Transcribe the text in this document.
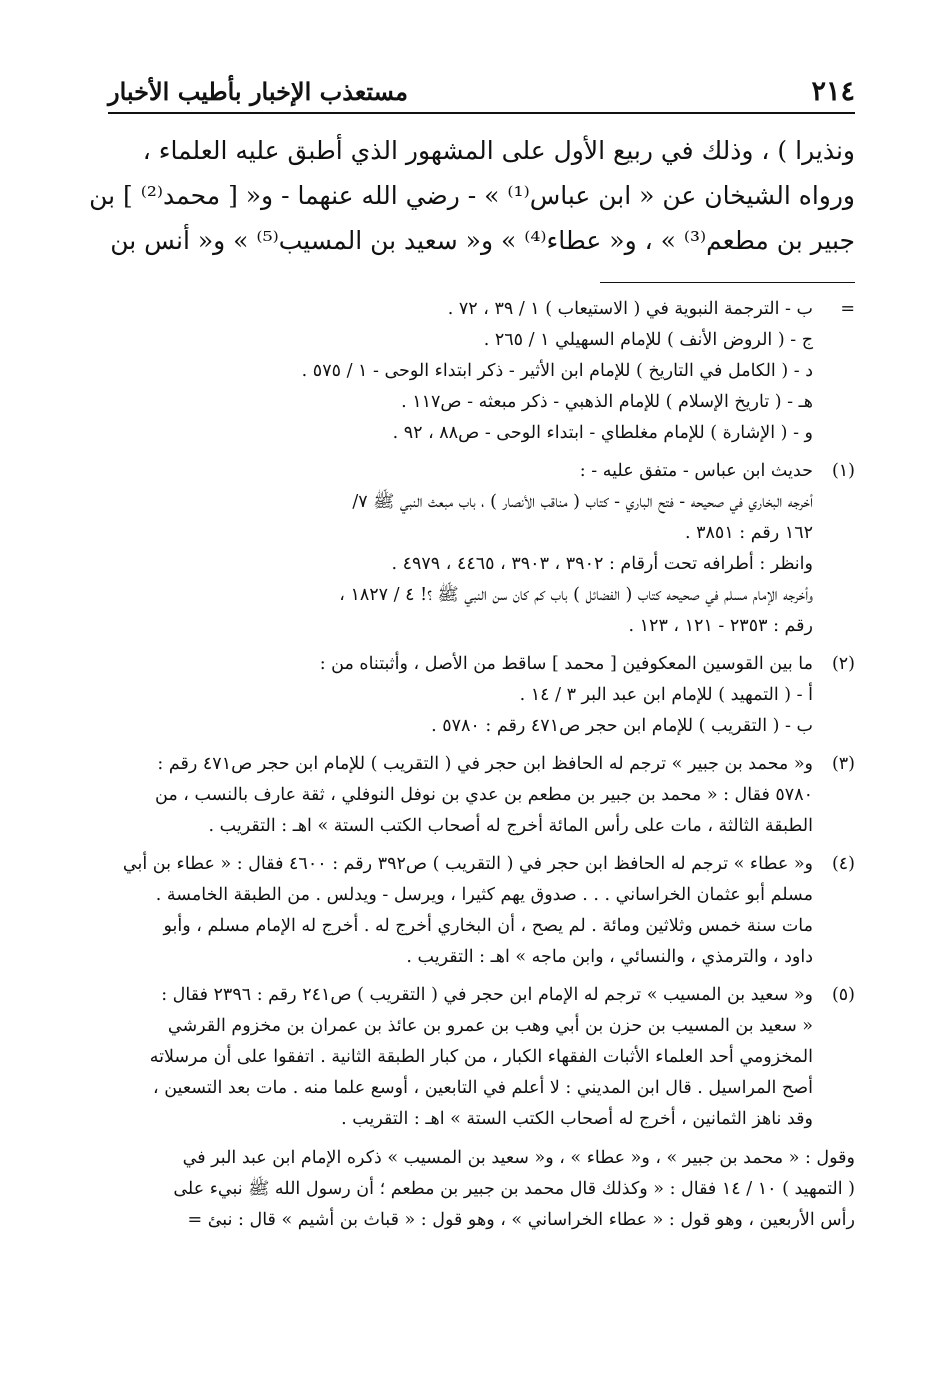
٢١٤
مستعذب الإخبار بأطيب الأخبار
ونذيرا ) ، وذلك في ربيع الأول على المشهور الذي أطبق عليه العلماء ،
ورواه الشيخان عن « ابن عباس⁽¹⁾ » - رضي الله عنهما - و« [ محمد⁽²⁾ ] بن
جبير بن مطعم⁽³⁾ » ، و« عطاء⁽⁴⁾ » و« سعيد بن المسيب⁽⁵⁾ » و« أنس بن
=
ب - الترجمة النبوية في ( الاستيعاب ) ١ / ٣٩ ، ٧٢ .
ج - ( الروض الأنف ) للإمام السهيلي ١ / ٢٦٥ .
د - ( الكامل في التاريخ ) للإمام ابن الأثير - ذكر ابتداء الوحى - ١ / ٥٧٥ .
هـ - ( تاريخ الإسلام ) للإمام الذهبي - ذكر مبعثه - ص١١٧ .
و - ( الإشارة ) للإمام مغلطاي - ابتداء الوحى - ص٨٨ ، ٩٢ .
(١)
حديث ابن عباس - متفق عليه - :
أخرجه البخاري في صحيحه - فتح الباري - كتاب ( مناقب الأنصار ) ، باب مبعث النبي ﷺ ٧/
١٦٢ رقم : ٣٨٥١ .
وانظر : أطرافه تحت أرقام : ٣٩٠٢ ، ٣٩٠٣ ، ٤٤٦٥ ، ٤٩٧٩ .
وأخرجه الإمام مسلم في صحيحه كتاب ( الفضائل ) باب كم كان سن النبي ﷺ ؟! ٤ / ١٨٢٧ ،
رقم : ٢٣٥٣ - ١٢١ ، ١٢٣ .
(٢)
ما بين القوسين المعكوفين [ محمد ] ساقط من الأصل ، وأثبتناه من :
أ - ( التمهيد ) للإمام ابن عبد البر ٣ / ١٤ .
ب - ( التقريب ) للإمام ابن حجر ص٤٧١ رقم : ٥٧٨٠ .
(٣)
و« محمد بن جبير » ترجم له الحافظ ابن حجر في ( التقريب ) للإمام ابن حجر ص٤٧١ رقم :
٥٧٨٠ فقال : « محمد بن جبير بن مطعم بن عدي بن نوفل النوفلي ، ثقة عارف بالنسب ، من
الطبقة الثالثة ، مات على رأس المائة أخرج له أصحاب الكتب الستة » اهـ : التقريب .
(٤)
و« عطاء » ترجم له الحافظ ابن حجر في ( التقريب ) ص٣٩٢ رقم : ٤٦٠٠ فقال : « عطاء بن أبي
مسلم أبو عثمان الخراساني . . . صدوق يهم كثيرا ، ويرسل - ويدلس . من الطبقة الخامسة .
مات سنة خمس وثلاثين ومائة . لم يصح ، أن البخاري أخرج له . أخرج له الإمام مسلم ، وأبو
داود ، والترمذي ، والنسائي ، وابن ماجه » اهـ : التقريب .
(٥)
و« سعيد بن المسيب » ترجم له الإمام ابن حجر في ( التقريب ) ص٢٤١ رقم : ٢٣٩٦ فقال :
« سعيد بن المسيب بن حزن بن أبي وهب بن عمرو بن عائذ بن عمران بن مخزوم القرشي
المخزومي أحد العلماء الأثبات الفقهاء الكبار ، من كبار الطبقة الثانية . اتفقوا على أن مرسلاته
أصح المراسيل . قال ابن المديني : لا أعلم في التابعين ، أوسع علما منه . مات بعد التسعين ،
وقد ناهز الثمانين ، أخرج له أصحاب الكتب الستة » اهـ : التقريب .
وقول : « محمد بن جبير » ، و« عطاء » ، و« سعيد بن المسيب » ذكره الإمام ابن عبد البر في
( التمهيد ) ١٠ / ١٤ فقال : « وكذلك قال محمد بن جبير بن مطعم ؛ أن رسول الله ﷺ نبيء على
رأس الأربعين ، وهو قول : « عطاء الخراساني » ، وهو قول : « قباث بن أشيم » قال : نبئ =
